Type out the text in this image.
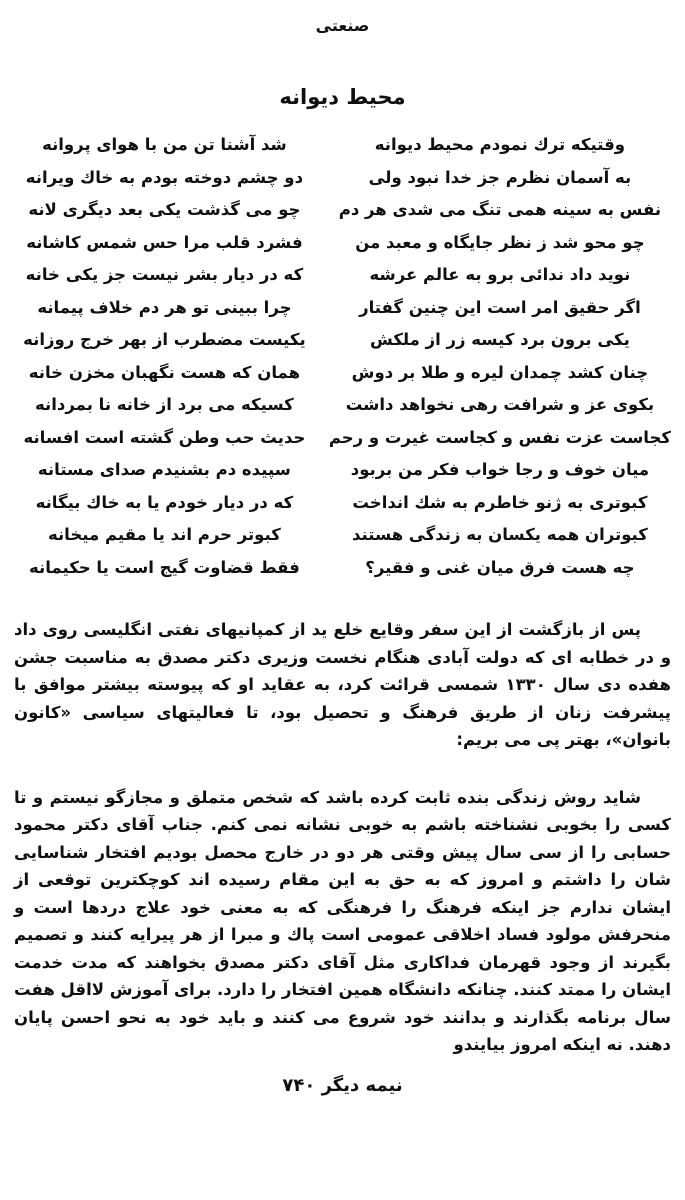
صنعتی
محیط دیوانه
وقتیکه ترك نمودم محیط دیوانه
شد آشنا تن من با هوای پروانه
به آسمان نظرم جز خدا نبود ولی
دو چشم دوخته بودم به خاك ویرانه
نفس به سینه همی تنگ می شدی هر دم
چو می گذشت یکی بعد دیگری لانه
چو محو شد ز نظر جایگاه و معبد من
فشرد قلب مرا حس شمس کاشانه
نوید داد ندائی برو به عالم عرشه
که در دیار بشر نیست جز یکی خانه
اگر حقیق امر است این چنین گفتار
چرا ببینی تو هر دم خلاف پیمانه
یکی برون برد کیسه زر از ملکش
یکیست مضطرب از بهر خرج روزانه
چنان کشد چمدان لیره و طلا بر دوش
همان که هست نگهبان مخزن خانه
بکوی عز و شرافت رهی نخواهد داشت
کسیکه می برد از خانه نا بمردانه
کجاست عزت نفس و کجاست غیرت و رحم
حدیث حب وطن گشته است افسانه
میان خوف و رجا خواب فکر من بربود
سپیده دم بشنیدم صدای مستانه
کبوتری به ژنو خاطرم به شك انداخت
که در دیار خودم یا به خاك بیگانه
کبوتران همه یکسان به زندگی هستند
کبوتر حرم اند یا مقیم میخانه
چه هست فرق میان غنی و فقیر؟
فقط قضاوت گیج است یا حکیمانه

پس از بازگشت از این سفر وقایع خلع ید از کمپانیهای نفتی انگلیسی روی داد و در خطابه ای که دولت آبادی هنگام نخست وزیری دکتر مصدق به مناسبت جشن هفده دی سال ۱۳۳۰ شمسی قرائت کرد، به عقاید او که پیوسته بیشتر موافق با پیشرفت زنان از طریق فرهنگ و تحصیل بود، تا فعالیتهای سیاسی «کانون بانوان»، بهتر پی می بریم:

شاید روش زندگی بنده ثابت کرده باشد که شخص متملق و مجازگو نیستم و تا کسی را بخوبی نشناخته باشم به خوبی نشانه نمی کنم. جناب آقای دکتر محمود حسابی را از سی سال پیش وقتی هر دو در خارج محصل بودیم افتخار شناسایی شان را داشتم و امروز که به حق به این مقام رسیده اند کوچکترین توقعی از ایشان ندارم جز اینکه فرهنگ را فرهنگی که به معنی خود علاج دردها است و منحرفش مولود فساد اخلاقی عمومی است پاك و مبرا از هر پیرایه کنند و تصمیم بگیرند از وجود قهرمان فداکاری مثل آقای دکتر مصدق بخواهند که مدت خدمت ایشان را ممتد کنند. چنانکه دانشگاه همین افتخار را دارد. برای آموزش لااقل هفت سال برنامه بگذارند و بدانند خود شروع می کنند و باید خود به نحو احسن پایان دهند. نه اینکه امروز بیایندو

نیمه دیگر ۷۴۰
